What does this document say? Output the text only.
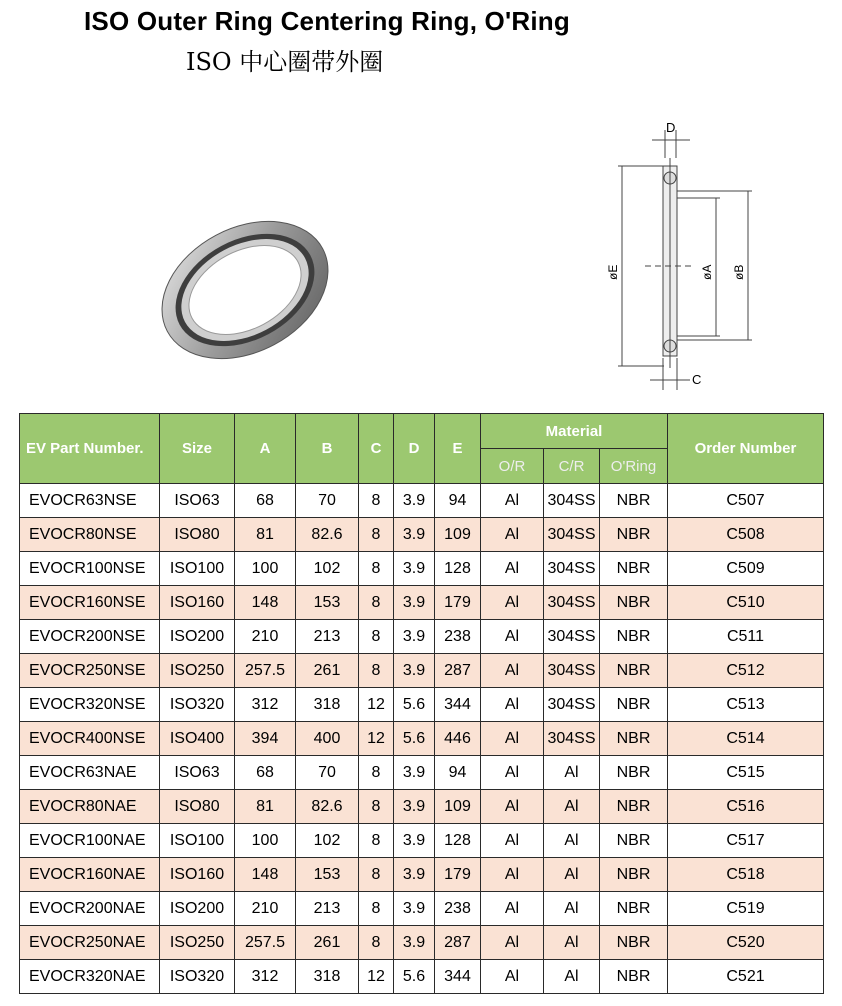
ISO Outer Ring Centering Ring, O'Ring
ISO 中心圈带外圈
D
øE	øA øB
C
EV Part Number.	Size	A	B	C	D	E	Material			Order Number
							O/R	C/R	O'Ring	
EVOCR63NSE	ISO63	68	70	8	3.9	94	Al	304SS	NBR	C507
EVOCR80NSE	ISO80	81	82.6	8	3.9	109	Al	304SS	NBR	C508
EVOCR100NSE	ISO100	100	102	8	3.9	128	Al	304SS	NBR	C509
EVOCR160NSE	ISO160	148	153	8	3.9	179	Al	304SS	NBR	C510
EVOCR200NSE	ISO200	210	213	8	3.9	238	Al	304SS	NBR	C511
EVOCR250NSE	ISO250	257.5	261	8	3.9	287	Al	304SS	NBR	C512
EVOCR320NSE	ISO320	312	318	12	5.6	344	Al	304SS	NBR	C513
EVOCR400NSE	ISO400	394	400	12	5.6	446	Al	304SS	NBR	C514
EVOCR63NAE	ISO63	68	70	8	3.9	94	Al	Al	NBR	C515
EVOCR80NAE	ISO80	81	82.6	8	3.9	109	Al	Al	NBR	C516
EVOCR100NAE	ISO100	100	102	8	3.9	128	Al	Al	NBR	C517
EVOCR160NAE	ISO160	148	153	8	3.9	179	Al	Al	NBR	C518
EVOCR200NAE	ISO200	210	213	8	3.9	238	Al	Al	NBR	C519
EVOCR250NAE	ISO250	257.5	261	8	3.9	287	Al	Al	NBR	C520
EVOCR320NAE	ISO320	312	318	12	5.6	344	Al	Al	NBR	C521
